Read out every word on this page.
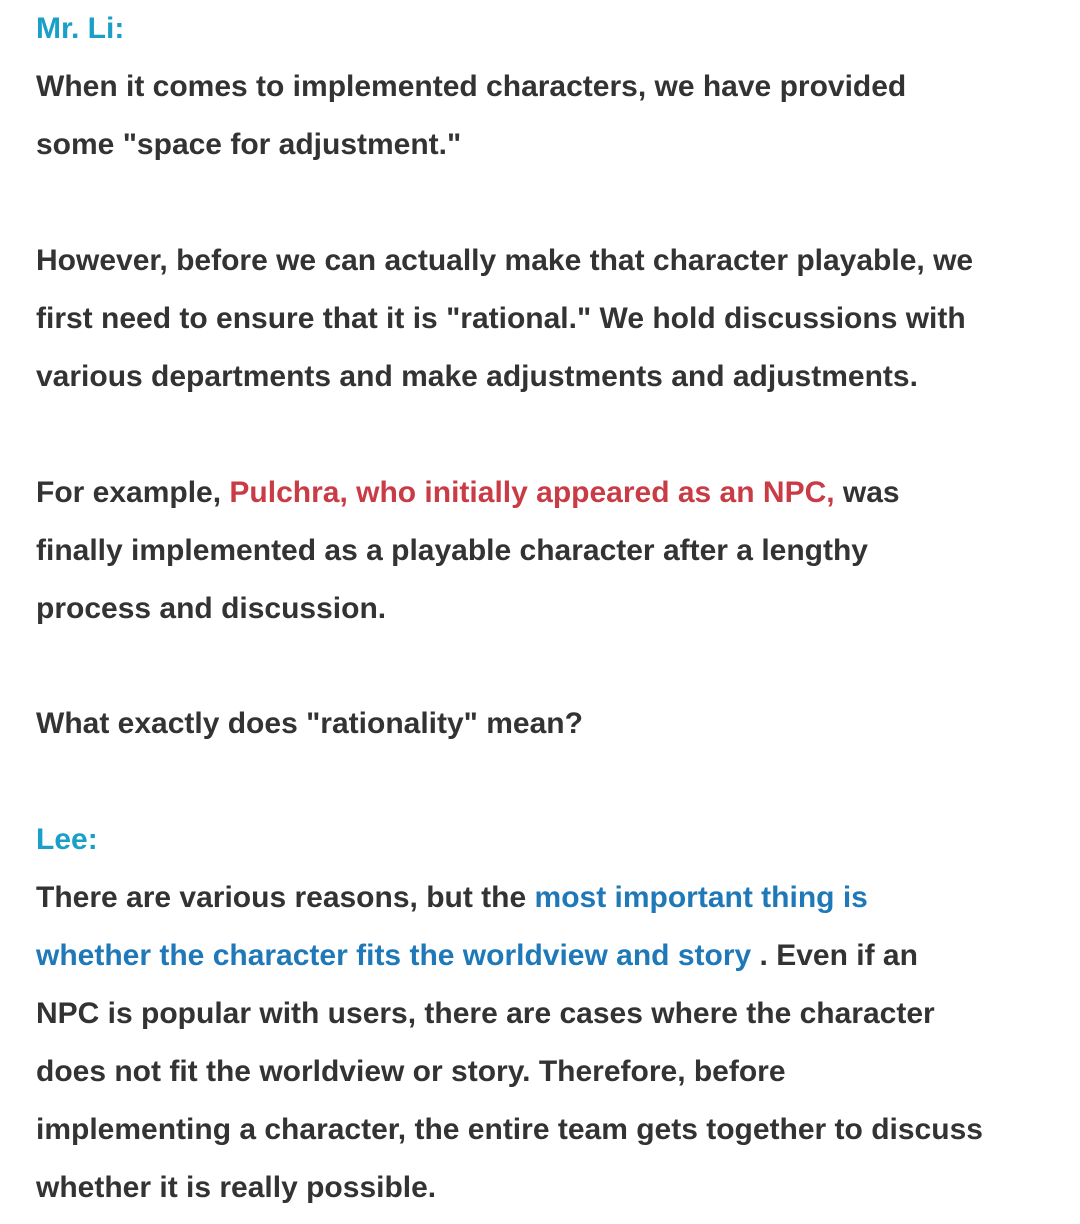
Mr. Li:
When it comes to implemented characters, we have provided
some "space for adjustment."
However, before we can actually make that character playable, we
first need to ensure that it is "rational." We hold discussions with
various departments and make adjustments and adjustments.
For example, Pulchra, who initially appeared as an NPC, was
finally implemented as a playable character after a lengthy
process and discussion.
What exactly does "rationality" mean?
Lee:
There are various reasons, but the most important thing is
whether the character fits the worldview and story . Even if an
NPC is popular with users, there are cases where the character
does not fit the worldview or story. Therefore, before
implementing a character, the entire team gets together to discuss
whether it is really possible.
